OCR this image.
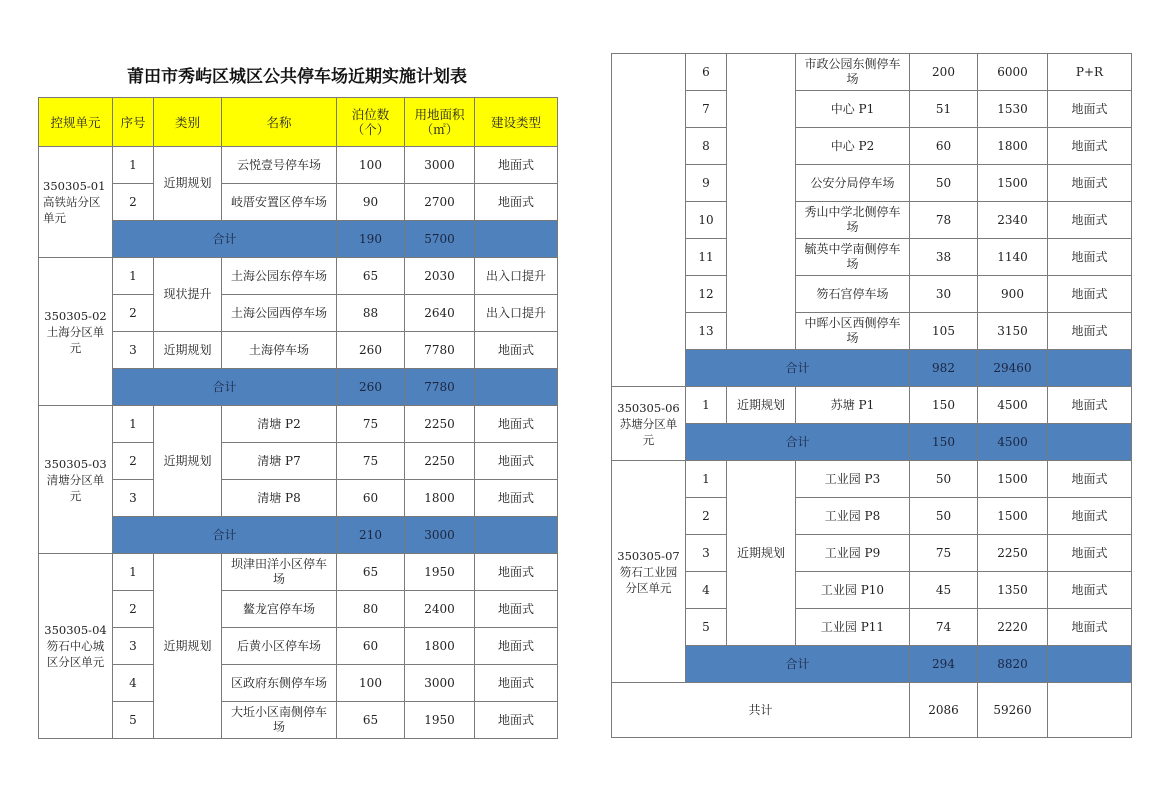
莆田市秀屿区城区公共停车场近期实施计划表
控规单元	序号	类别	名称	泊位数（个）	用地面积（㎡）	建设类型
350305-01 高铁站分区单元	1	近期规划	云悦壹号停车场	100	3000	地面式
	2		岐厝安置区停车场	90	2700	地面式
	合计			190	5700	
350305-02 土海分区单元	1	现状提升	土海公园东停车场	65	2030	出入口提升
	2		土海公园西停车场	88	2640	出入口提升
	3	近期规划	土海停车场	260	7780	地面式
	合计			260	7780	
350305-03 清塘分区单元	1	近期规划	清塘 P2	75	2250	地面式
	2		清塘 P7	75	2250	地面式
	3		清塘 P8	60	1800	地面式
	合计			210	3000	
350305-04 笏石中心城区分区单元	1	近期规划	坝津田洋小区停车场	65	1950	地面式
	2		鳌龙宫停车场	80	2400	地面式
	3		后黄小区停车场	60	1800	地面式
	4		区政府东侧停车场	100	3000	地面式
	5		大坵小区南侧停车场	65	1950	地面式
	6		市政公园东侧停车场	200	6000	P+R
	7		中心 P1	51	1530	地面式
	8		中心 P2	60	1800	地面式
	9		公安分局停车场	50	1500	地面式
	10		秀山中学北侧停车场	78	2340	地面式
	11		毓英中学南侧停车场	38	1140	地面式
	12		笏石宫停车场	30	900	地面式
	13		中晖小区西侧停车场	105	3150	地面式
	合计			982	29460	
350305-06 苏塘分区单元	1	近期规划	苏塘 P1	150	4500	地面式
	合计			150	4500	
350305-07 笏石工业园分区单元	1	近期规划	工业园 P3	50	1500	地面式
	2		工业园 P8	50	1500	地面式
	3		工业园 P9	75	2250	地面式
	4		工业园 P10	45	1350	地面式
	5		工业园 P11	74	2220	地面式
	合计			294	8820	
共计				2086	59260	
